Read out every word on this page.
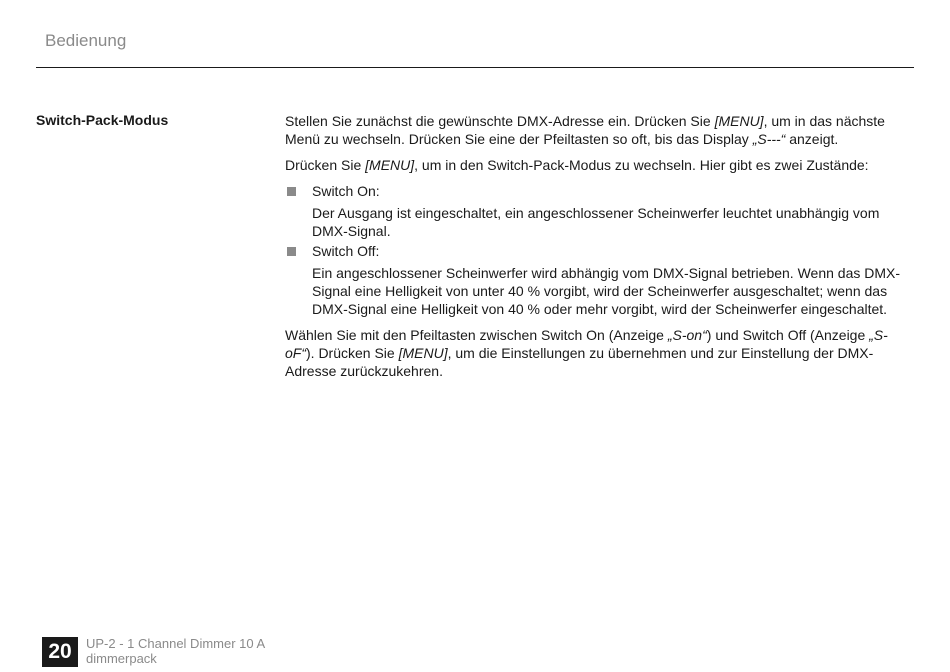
Bedienung
Switch-Pack-Modus	Stellen Sie zunächst die gewünschte DMX-Adresse ein. Drücken Sie [MENU], um in das nächste Menü zu wechseln. Drücken Sie eine der Pfeiltasten so oft, bis das Display „S---“ anzeigt.

Drücken Sie [MENU], um in den Switch-Pack-Modus zu wechseln. Hier gibt es zwei Zustände:

Switch On:
Der Ausgang ist eingeschaltet, ein angeschlossener Scheinwerfer leuchtet unabhängig vom DMX-Signal.
Switch Off:
Ein angeschlossener Scheinwerfer wird abhängig vom DMX-Signal betrieben. Wenn das DMX-Signal eine Helligkeit von unter 40 % vorgibt, wird der Scheinwerfer ausgeschaltet; wenn das DMX-Signal eine Helligkeit von 40 % oder mehr vorgibt, wird der Scheinwerfer eingeschaltet.

Wählen Sie mit den Pfeiltasten zwischen Switch On (Anzeige „S-on“) und Switch Off (Anzeige „S-oF“). Drücken Sie [MENU], um die Einstellungen zu übernehmen und zur Einstellung der DMX-Adresse zurückzukehren.

20	UP-2 - 1 Channel Dimmer 10 A
dimmerpack
